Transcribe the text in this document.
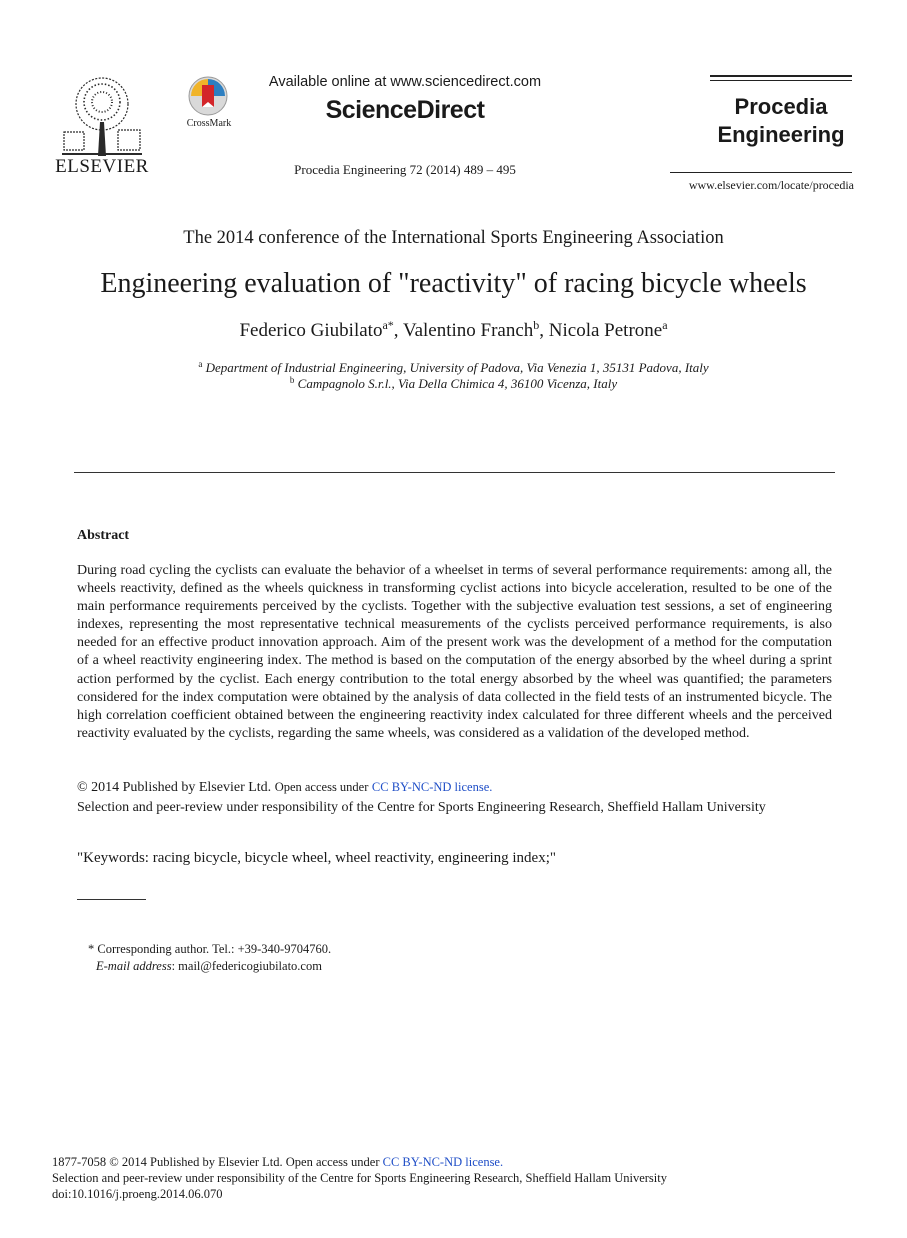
ELSEVIER
CrossMark
Available online at www.sciencedirect.com
ScienceDirect
Procedia Engineering 72 (2014) 489 – 495
Procedia
Engineering
www.elsevier.com/locate/procedia
The 2014 conference of the International Sports Engineering Association
Engineering evaluation of "reactivity" of racing bicycle wheels
Federico Giubilato$^{a*}$, Valentino Franch$^b$, Nicola Petrone$^a$
$^a$ Department of Industrial Engineering, University of Padova, Via Venezia 1, 35131 Padova, Italy
$^b$ Campagnolo S.r.l., Via Della Chimica 4, 36100 Vicenza, Italy
Abstract
During road cycling the cyclists can evaluate the behavior of a wheelset in terms of several performance requirements: among all, the wheels reactivity, defined as the wheels quickness in transforming cyclist actions into bicycle acceleration, resulted to be one of the main performance requirements perceived by the cyclists. Together with the subjective evaluation test sessions, a set of engineering indexes, representing the most representative technical measurements of the cyclists perceived performance requirements, is also needed for an effective product innovation approach. Aim of the present work was the development of a method for the computation of a wheel reactivity engineering index. The method is based on the computation of the energy absorbed by the wheel during a sprint action performed by the cyclist. Each energy contribution to the total energy absorbed by the wheel was quantified; the parameters considered for the index computation were obtained by the analysis of data collected in the field tests of an instrumented bicycle. The high correlation coefficient obtained between the engineering reactivity index calculated for three different wheels and the perceived reactivity evaluated by the cyclists, regarding the same wheels, was considered as a validation of the developed method.
© 2014 Published by Elsevier Ltd. Open access under CC BY-NC-ND license.
Selection and peer-review under responsibility of the Centre for Sports Engineering Research, Sheffield Hallam University
"Keywords: racing bicycle, bicycle wheel, wheel reactivity, engineering index;"
* Corresponding author. Tel.: +39-340-9704760.
E-mail address: mail@federicogiubilato.com
1877-7058 © 2014 Published by Elsevier Ltd. Open access under CC BY-NC-ND license.
Selection and peer-review under responsibility of the Centre for Sports Engineering Research, Sheffield Hallam University
doi:10.1016/j.proeng.2014.06.070
